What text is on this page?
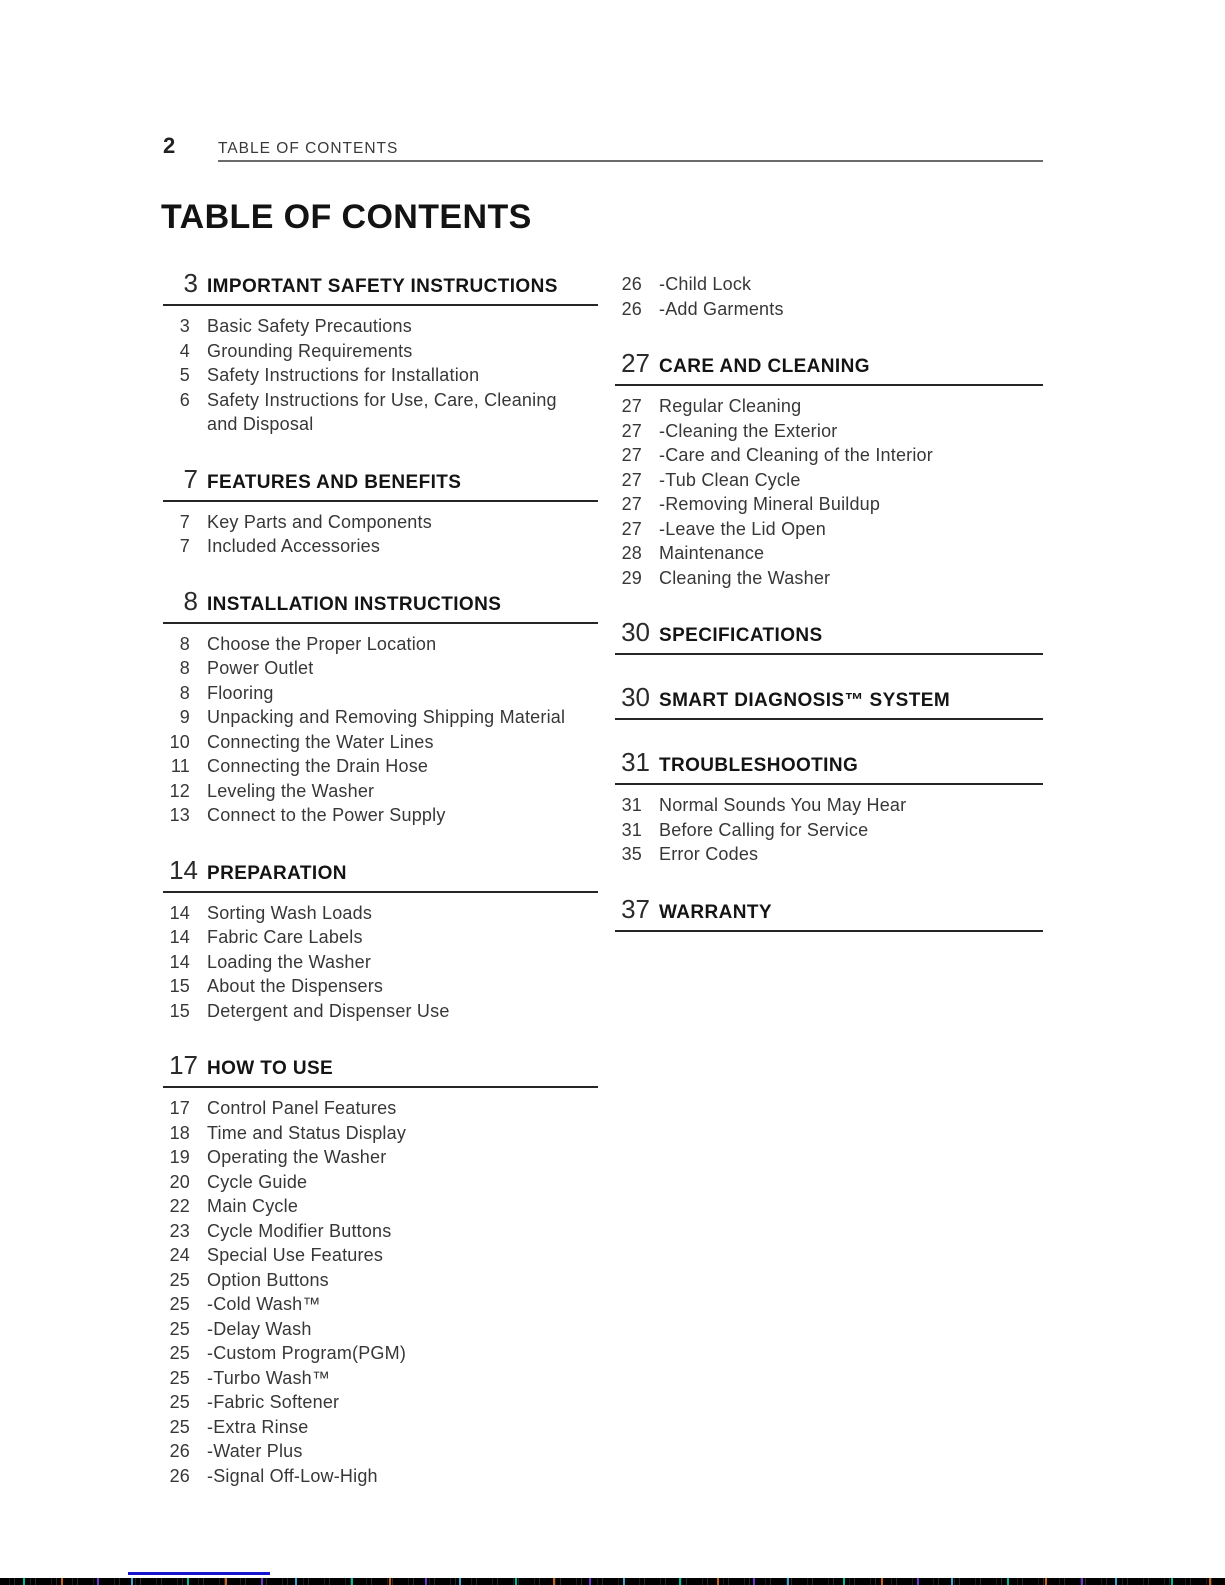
2	TABLE OF CONTENTS
TABLE OF CONTENTS
3 IMPORTANT SAFETY INSTRUCTIONS
3 Basic Safety Precautions
4 Grounding Requirements
5 Safety Instructions for Installation
6 Safety Instructions for Use, Care, Cleaning and Disposal
7 FEATURES AND BENEFITS
7 Key Parts and Components
7 Included Accessories
8 INSTALLATION INSTRUCTIONS
8 Choose the Proper Location
8 Power Outlet
8 Flooring
9 Unpacking and Removing Shipping Material
10 Connecting the Water Lines
11 Connecting the Drain Hose
12 Leveling the Washer
13 Connect to the Power Supply
14 PREPARATION
14 Sorting Wash Loads
14 Fabric Care Labels
14 Loading the Washer
15 About the Dispensers
15 Detergent and Dispenser Use
17 HOW TO USE
17 Control Panel Features
18 Time and Status Display
19 Operating the Washer
20 Cycle Guide
22 Main Cycle
23 Cycle Modifier Buttons
24 Special Use Features
25 Option Buttons
25 -Cold Wash™
25 -Delay Wash
25 -Custom Program(PGM)
25 -Turbo Wash™
25 -Fabric Softener
25 -Extra Rinse
26 -Water Plus
26 -Signal Off-Low-High
26 -Child Lock
26 -Add Garments
27 CARE AND CLEANING
27 Regular Cleaning
27 -Cleaning the Exterior
27 -Care and Cleaning of the Interior
27 -Tub Clean Cycle
27 -Removing Mineral Buildup
27 -Leave the Lid Open
28 Maintenance
29 Cleaning the Washer
30 SPECIFICATIONS
30 SMART DIAGNOSIS™ SYSTEM
31 TROUBLESHOOTING
31 Normal Sounds You May Hear
31 Before Calling for Service
35 Error Codes
37 WARRANTY
